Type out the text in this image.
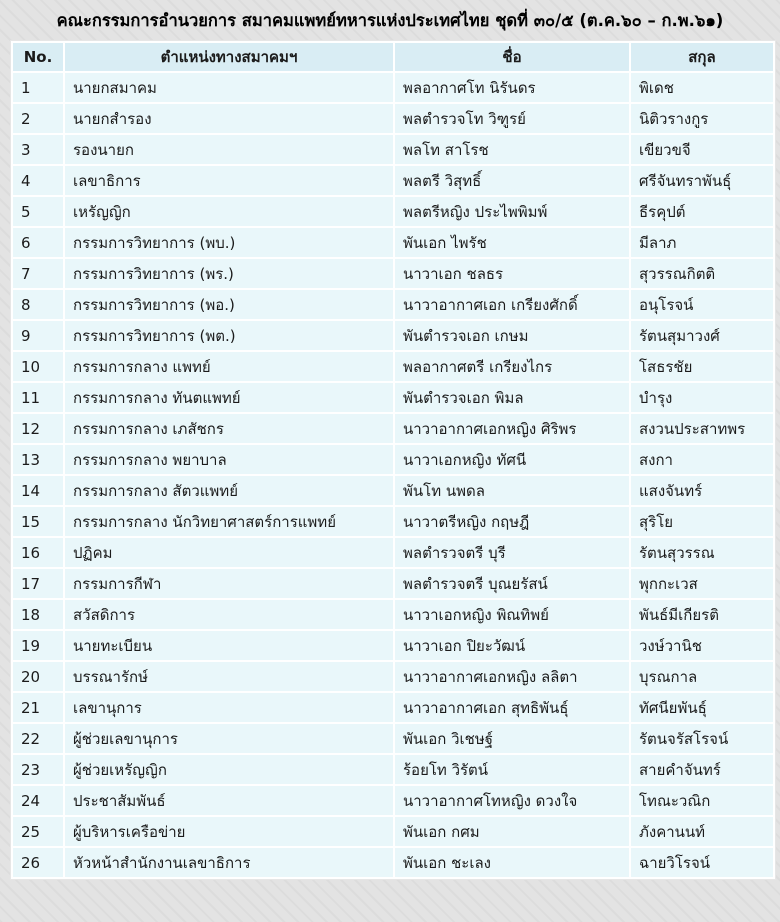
คณะกรรมการอำนวยการ สมาคมแพทย์ทหารแห่งประเทศไทย ชุดที่ ๓๐/๕ (ต.ค.๖๐ – ก.พ.๖๑)
No.	ตำแหน่งทางสมาคมฯ	ชื่อ	สกุล
1	นายกสมาคม	พลอากาศโท นิรันดร	พิเดช
2	นายกสำรอง	พลตำรวจโท วิฑูรย์	นิติวรางกูร
3	รองนายก	พลโท สาโรช	เขียวขจี
4	เลขาธิการ	พลตรี วิสุทธิ์	ศรีจันทราพันธุ์
5	เหรัญญิก	พลตรีหญิง ประไพพิมพ์	ธีรคุปต์
6	กรรมการวิทยาการ (พบ.)	พันเอก ไพรัช	มีลาภ
7	กรรมการวิทยาการ (พร.)	นาวาเอก ชลธร	สุวรรณกิตติ
8	กรรมการวิทยาการ (พอ.)	นาวาอากาศเอก เกรียงศักดิ์	อนุโรจน์
9	กรรมการวิทยาการ (พต.)	พันตำรวจเอก เกษม	รัตนสุมาวงศ์
10	กรรมการกลาง แพทย์	พลอากาศตรี เกรียงไกร	โสธรชัย
11	กรรมการกลาง ทันตแพทย์	พันตำรวจเอก พิมล	บำรุง
12	กรรมการกลาง เภสัชกร	นาวาอากาศเอกหญิง ศิริพร	สงวนประสาทพร
13	กรรมการกลาง พยาบาล	นาวาเอกหญิง ทัศนี	สงกา
14	กรรมการกลาง สัตวแพทย์	พันโท นพดล	แสงจันทร์
15	กรรมการกลาง นักวิทยาศาสตร์การแพทย์	นาวาตรีหญิง กฤษฎี	สุริโย
16	ปฏิคม	พลตำรวจตรี บุรี	รัตนสุวรรณ
17	กรรมการกีฬา	พลตำรวจตรี บุณยรัสน์	พุกกะเวส
18	สวัสดิการ	นาวาเอกหญิง พิณทิพย์	พันธ์มีเกียรติ
19	นายทะเบียน	นาวาเอก ปิยะวัฒน์	วงษ์วานิช
20	บรรณารักษ์	นาวาอากาศเอกหญิง ลลิตา	บุรณกาล
21	เลขานุการ	นาวาอากาศเอก สุทธิพันธุ์	ทัศนียพันธุ์
22	ผู้ช่วยเลขานุการ	พันเอก วิเชษฐ์	รัตนจรัสโรจน์
23	ผู้ช่วยเหรัญญิก	ร้อยโท วิรัตน์	สายคำจันทร์
24	ประชาสัมพันธ์	นาวาอากาศโทหญิง ดวงใจ	โทณะวณิก
25	ผู้บริหารเครือข่าย	พันเอก กศม	ภังคานนท์
26	หัวหน้าสำนักงานเลขาธิการ	พันเอก ชะเลง	ฉายวิโรจน์
